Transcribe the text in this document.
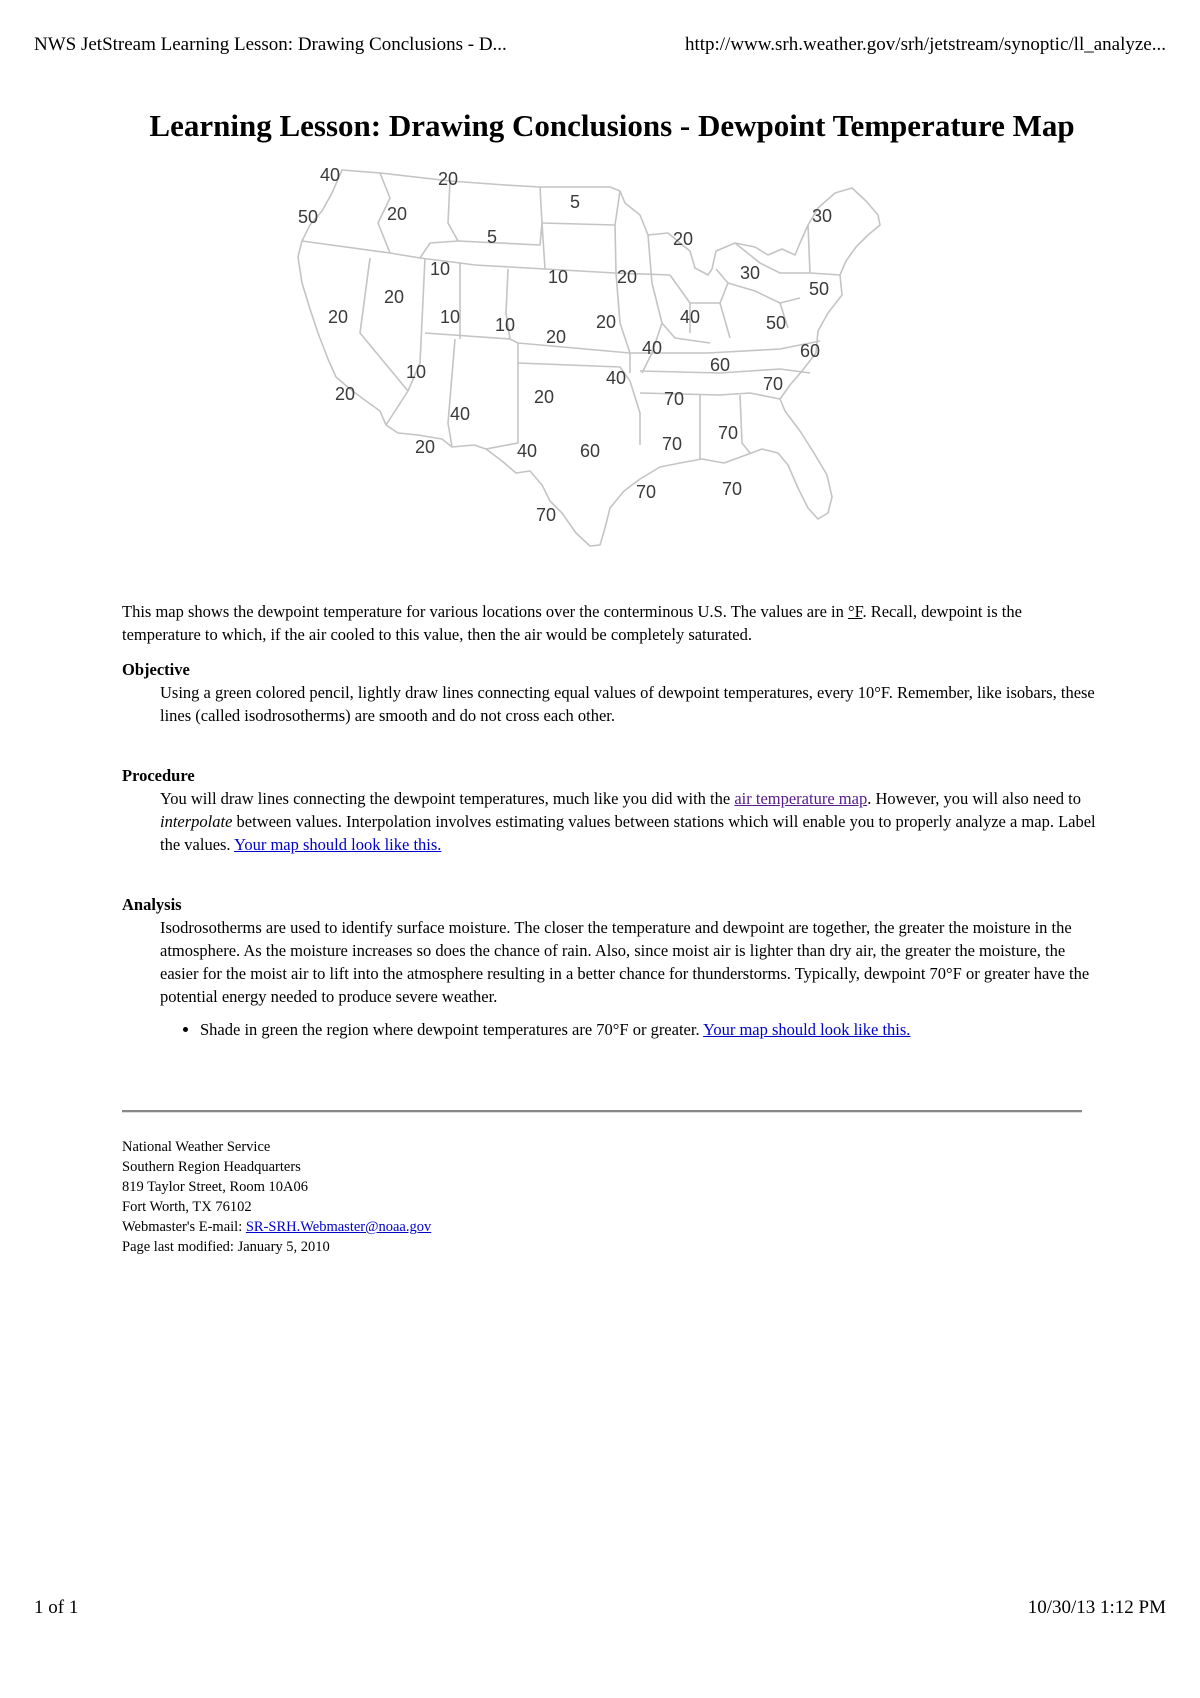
NWS JetStream Learning Lesson: Drawing Conclusions - D...	http://www.srh.weather.gov/srh/jetstream/synoptic/ll_analyze...
Learning Lesson: Drawing Conclusions - Dewpoint Temperature Map
40	20
50	20
5
5
30
20
10	10	20	30
50
20
20	10 10	20
20
40	50
60
10
40
60
40
20	20
40
70
70
20	40 60
70
70
70	70
70

This map shows the dewpoint temperature for various locations over the conterminous U.S. The values are in °F. Recall, dewpoint is the temperature to which, if the air cooled to this value, then the air would be completely saturated.

Objective

Using a green colored pencil, lightly draw lines connecting equal values of dewpoint temperatures, every 10°F. Remember, like isobars, these lines (called isodrosotherms) are smooth and do not cross each other.

Procedure

You will draw lines connecting the dewpoint temperatures, much like you did with the air temperature map. However, you will also need to interpolate between values. Interpolation involves estimating values between stations which will enable you to properly analyze a map. Label the values. Your map should look like this.

Analysis

Isodrosotherms are used to identify surface moisture. The closer the temperature and dewpoint are together, the greater the moisture in the atmosphere. As the moisture increases so does the chance of rain. Also, since moist air is lighter than dry air, the greater the moisture, the easier for the moist air to lift into the atmosphere resulting in a better chance for thunderstorms. Typically, dewpoint 70°F or greater have the potential energy needed to produce severe weather.

• Shade in green the region where dewpoint temperatures are 70°F or greater. Your map should look like this.
National Weather Service
Southern Region Headquarters
819 Taylor Street, Room 10A06
Fort Worth, TX 76102
Webmaster's E-mail: SR-SRH.Webmaster@noaa.gov
Page last modified: January 5, 2010
1 of 1	10/30/13 1:12 PM
